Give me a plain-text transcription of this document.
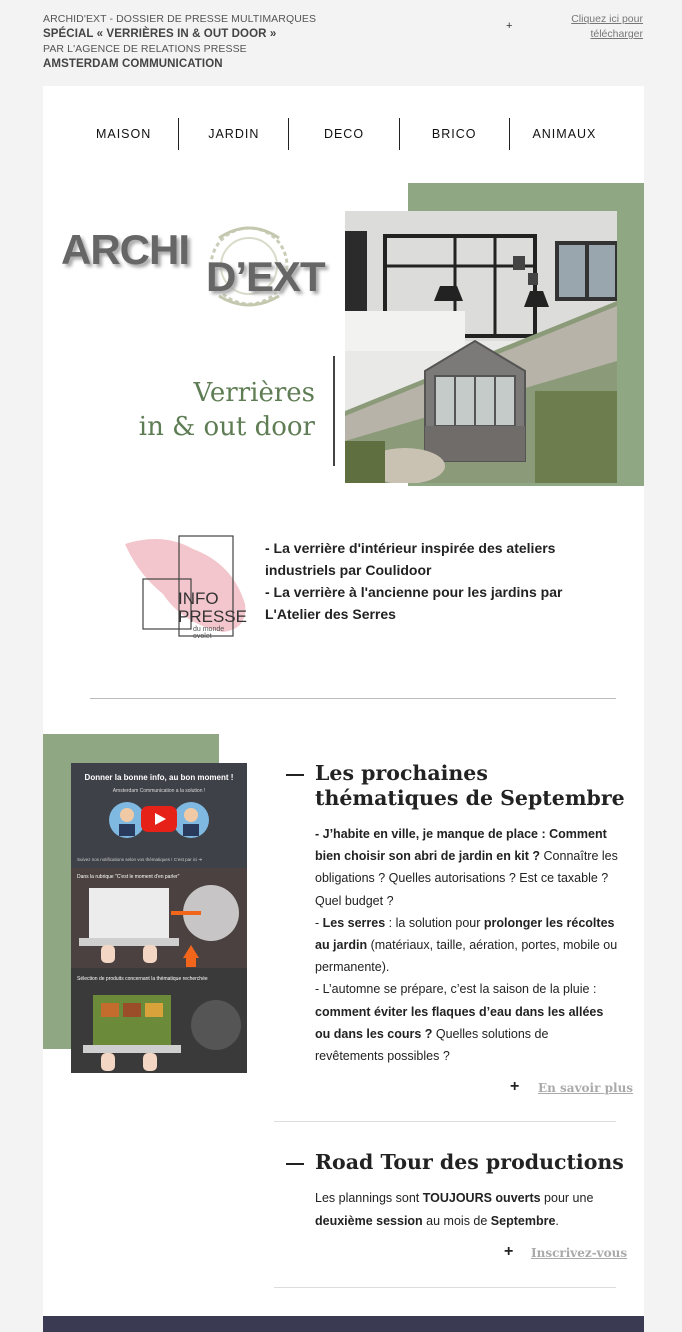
ARCHID'EXT - DOSSIER DE PRESSE MULTIMARQUES
SPÉCIAL « VERRIÈRES IN & OUT DOOR »
PAR L'AGENCE DE RELATIONS PRESSE
AMSTERDAM COMMUNICATION
+
Cliquez ici pour
télécharger
MAISON	JARDIN	DECO	BRICO	ANIMAUX
ARCHI
D’EXT
Verrières
in & out door
INFO
PRESSE
du monde
ovolet
- La verrière d'intérieur inspirée des ateliers industriels par Coulidoor
- La verrière à l'ancienne pour les jardins par L'Atelier des Serres
Donner la bonne info, au bon moment !
Amsterdam Communication a la solution !
Suivez nos notifications selon vos thématiques ! C'est par ici ➔
Dans la rubrique "C'est le moment d'en parler"
Sélection de produits concernant la thématique recherchée
Les prochaines thématiques de Septembre

- J’habite en ville, je manque de place : Comment bien choisir son abri de jardin en kit ? Connaître les obligations ? Quelles autorisations ? Est ce taxable ? Quel budget ?

- Les serres : la solution pour prolonger les récoltes au jardin (matériaux, taille, aération, portes, mobile ou permanente).

- L’automne se prépare, c’est la saison de la pluie : comment éviter les flaques d’eau dans les allées ou dans les cours ? Quelles solutions de revêtements possibles ?

+ En savoir plus
Road Tour des productions
Les plannings sont TOUJOURS ouverts pour une deuxième session au mois de Septembre.
+ Inscrivez-vous
